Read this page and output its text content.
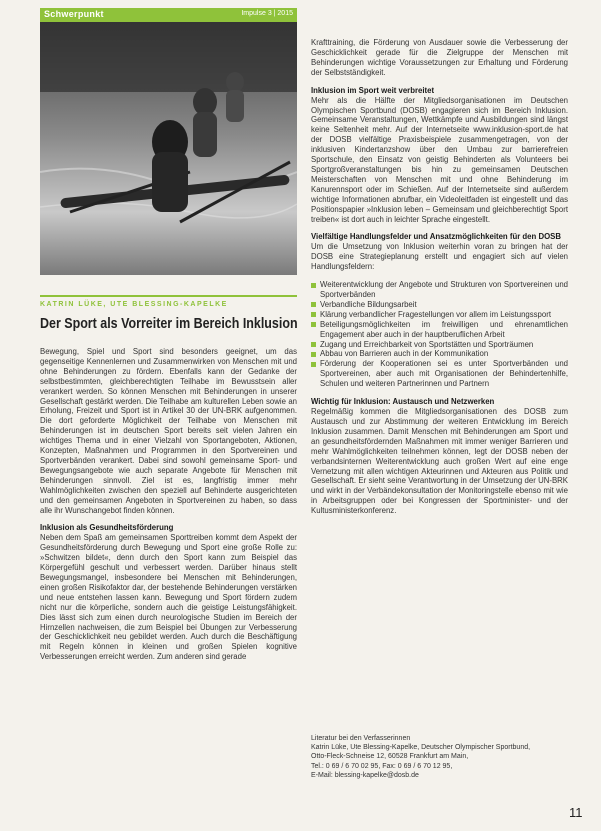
Schwerpunkt	Impulse 3 | 2015
KATRIN LÜKE, UTE BLESSING-KAPELKE
Der Sport als Vorreiter im Bereich Inklusion

Bewegung, Spiel und Sport sind besonders geeignet, um das gegenseitige Kennenlernen und Zusammenwirken von Menschen mit und ohne Behinderungen zu fördern. Ebenfalls kann der Gedanke der selbstbestimmten, gleichberechtigten Teilhabe im Bewusstsein aller verankert werden. So können Menschen mit Behinderungen in unserer Gesellschaft gestärkt werden. Die Teilhabe am kulturellen Leben sowie an Erholung, Freizeit und Sport ist in Artikel 30 der UN-BRK aufgenommen. Die dort geforderte Möglichkeit der Teilhabe von Menschen mit Behinderungen ist im deutschen Sport bereits seit vielen Jahren ein wichtiges Thema und in einer Vielzahl von Sportangeboten, Aktionen, Konzepten, Maßnahmen und Programmen in den Sportvereinen und Sportverbänden verankert. Dabei sind sowohl gemeinsame Sport- und Bewegungsangebote wie auch separate Angebote für Menschen mit Behinderungen sinnvoll. Ziel ist es, langfristig immer mehr Wahlmöglichkeiten zwischen den speziell auf Behinderte ausgerichteten und den gemeinsamen Angeboten in Sportvereinen zu haben, so dass alle ihr Wunschangebot finden können.

Inklusion als Gesundheitsförderung

Neben dem Spaß am gemeinsamen Sporttreiben kommt dem Aspekt der Gesundheitsförderung durch Bewegung und Sport eine große Rolle zu: »Schwitzen bildet«, denn durch den Sport kann zum Beispiel das Körpergefühl geschult und verbessert werden. Darüber hinaus stellt Bewegungsmangel, insbesondere bei Menschen mit Behinderungen, einen großen Risikofaktor dar, der bestehende Behinderungen verstärken und neue entstehen lassen kann. Bewegung und Sport fördern zudem nicht nur die körperliche, sondern auch die geistige Leistungsfähigkeit. Dies lässt sich zum einen durch neurologische Studien im Bereich der Hirnzellen nachweisen, die zum Beispiel bei Übungen zur Verbesserung der Geschicklichkeit neu gebildet werden. Auch durch die Beschäftigung mit Regeln können in kleinen und großen Spielen kognitive Verbesserungen erreicht werden. Zum anderen sind gerade

Krafttraining, die Förderung von Ausdauer sowie die Verbesserung der Geschicklichkeit gerade für die Zielgruppe der Menschen mit Behinderungen wichtige Voraussetzungen zur Erhaltung und Förderung der Selbstständigkeit.

Inklusion im Sport weit verbreitet

Mehr als die Hälfte der Mitgliedsorganisationen im Deutschen Olympischen Sportbund (DOSB) engagieren sich im Bereich Inklusion. Gemeinsame Veranstaltungen, Wettkämpfe und Ausbildungen sind längst keine Seltenheit mehr. Auf der Internetseite www.inklusion-sport.de hat der DOSB vielfältige Praxisbeispiele zusammengetragen, von der inklusiven Kindertanzshow über den Umbau zur barrierefreien Sportschule, den Einsatz von geistig Behinderten als Volunteers bei Sportgroßveranstaltungen bis hin zu gemeinsamen Deutschen Meisterschaften von Menschen mit und ohne Behinderung im Kanurennsport oder im Schießen. Auf der Internetseite sind außerdem wichtige Informationen abrufbar, ein Videoleitfaden ist eingestellt und das Positionspapier »Inklusion leben – Gemeinsam und gleichberechtigt Sport treiben« ist dort auch in leichter Sprache eingestellt.

Vielfältige Handlungsfelder und Ansatzmöglichkeiten für den DOSB

Um die Umsetzung von Inklusion weiterhin voran zu bringen hat der DOSB eine Strategieplanung erstellt und engagiert sich auf vielen Handlungsfeldern:

Weiterentwicklung der Angebote und Strukturen von Sportvereinen und Sportverbänden
Verbandliche Bildungsarbeit
Klärung verbandlicher Fragestellungen vor allem im Leistungssport
Beteiligungsmöglichkeiten im freiwilligen und ehrenamtlichen Engagement aber auch in der hauptberuflichen Arbeit
Zugang und Erreichbarkeit von Sportstätten und Sporträumen
Abbau von Barrieren auch in der Kommunikation
Förderung der Kooperationen sei es unter Sportverbänden und Sportvereinen, aber auch mit Organisationen der Behindertenhilfe, Schulen und weiteren Partnerinnen und Partnern
Wichtig für Inklusion: Austausch und Netzwerken

Regelmäßig kommen die Mitgliedsorganisationen des DOSB zum Austausch und zur Abstimmung der weiteren Entwicklung im Bereich Inklusion zusammen. Damit Menschen mit Behinderungen am Sport und an gesundheitsfördernden Maßnahmen mit immer weniger Barrieren und mehr Wahlmöglichkeiten teilnehmen können, legt der DOSB neben der verbandsinternen Weiterentwicklung auch großen Wert auf eine enge Vernetzung mit allen wichtigen Akteurinnen und Akteuren aus Politik und Gesellschaft. Er sieht seine Verantwortung in der Umsetzung der UN-BRK und wirkt in der Verbändekonsultation der Monitoringstelle ebenso mit wie in Arbeitsgruppen oder bei Kongressen der Sportminister- und der Kultusministerkonferenz.

Literatur bei den Verfasserinnen
Katrin Lüke, Ute Blessing-Kapelke, Deutscher Olympischer Sportbund,
Otto-Fleck-Schneise 12, 60528 Frankfurt am Main,
Tel.: 0 69 / 6 70 02 95, Fax: 0 69 / 6 70 12 95,
E-Mail: blessing-kapelke@dosb.de
11
